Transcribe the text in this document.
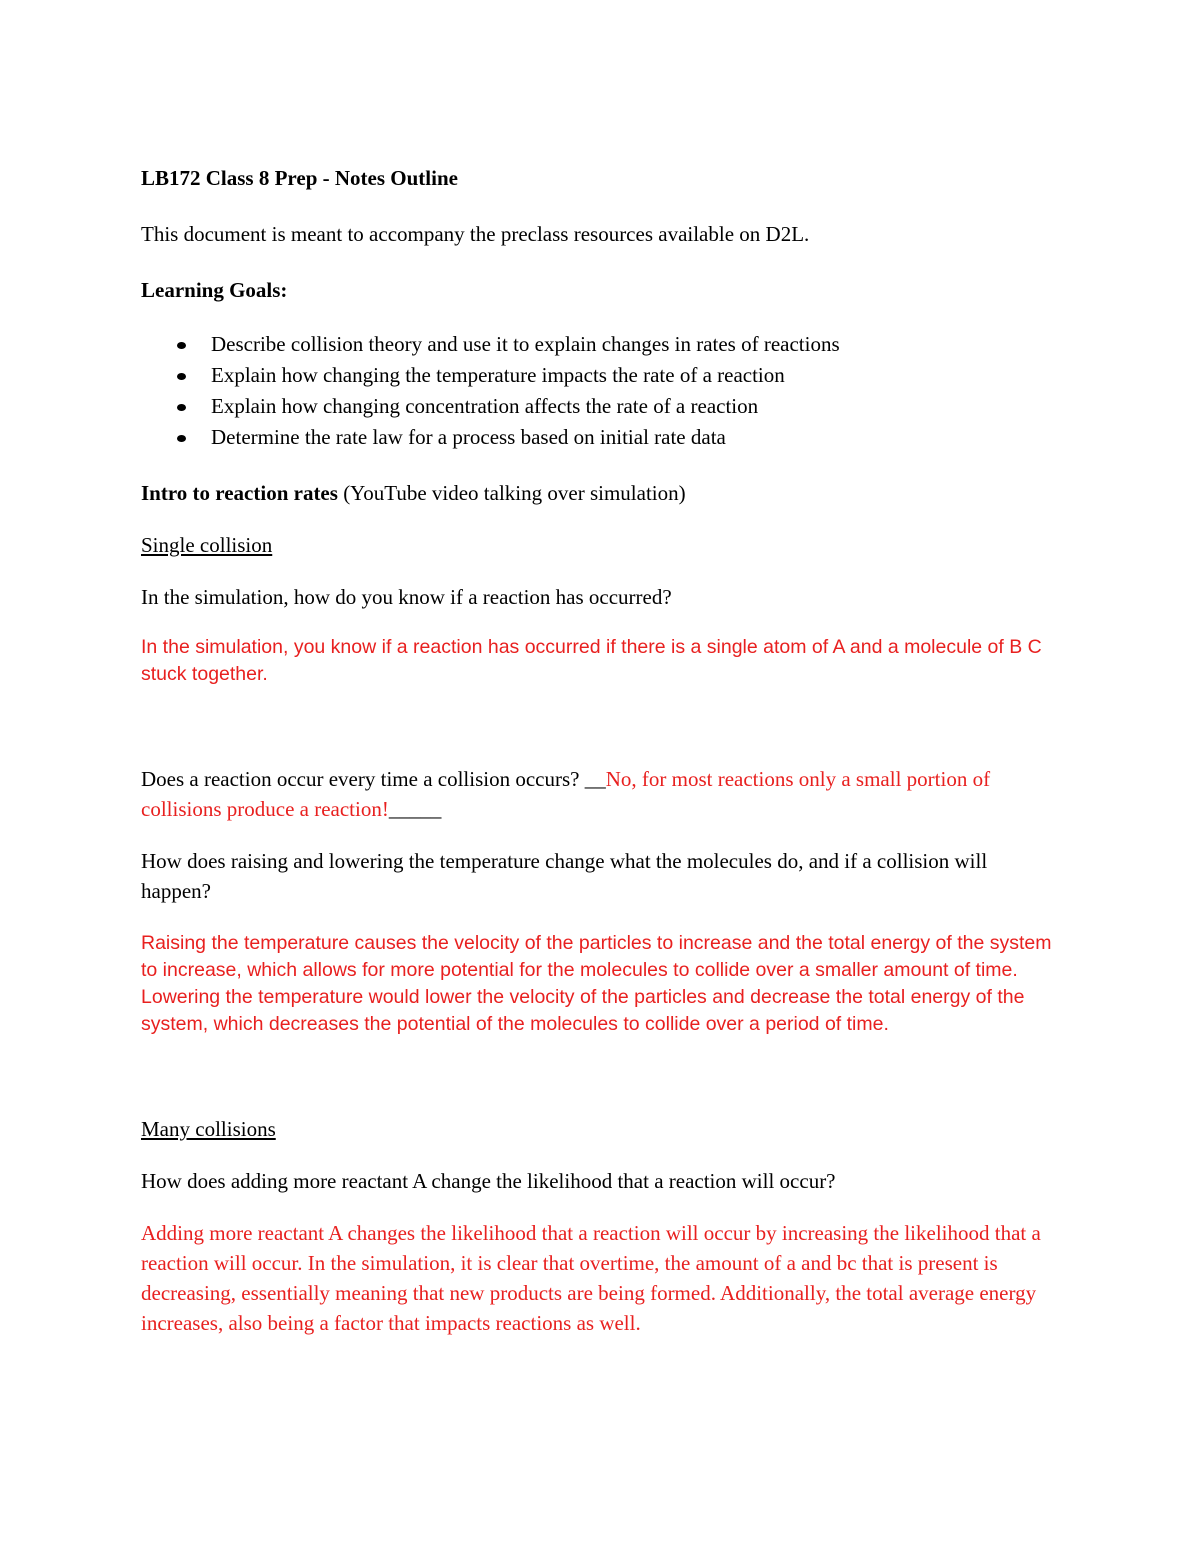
LB172 Class 8 Prep - Notes Outline

This document is meant to accompany the preclass resources available on D2L.

Learning Goals:

Describe collision theory and use it to explain changes in rates of reactions
Explain how changing the temperature impacts the rate of a reaction
Explain how changing concentration affects the rate of a reaction
Determine the rate law for a process based on initial rate data

Intro to reaction rates (YouTube video talking over simulation)

Single collision

In the simulation, how do you know if a reaction has occurred?

In the simulation, you know if a reaction has occurred if there is a single atom of A and a molecule of B C stuck together.

Does a reaction occur every time a collision occurs? __No, for most reactions only a small portion of collisions produce a reaction!_____

How does raising and lowering the temperature change what the molecules do, and if a collision will happen?

Raising the temperature causes the velocity of the particles to increase and the total energy of the system to increase, which allows for more potential for the molecules to collide over a smaller amount of time. Lowering the temperature would lower the velocity of the particles and decrease the total energy of the system, which decreases the potential of the molecules to collide over a period of time.

Many collisions

How does adding more reactant A change the likelihood that a reaction will occur?

Adding more reactant A changes the likelihood that a reaction will occur by increasing the likelihood that a reaction will occur. In the simulation, it is clear that overtime, the amount of a and bc that is present is decreasing, essentially meaning that new products are being formed. Additionally, the total average energy increases, also being a factor that impacts reactions as well.
